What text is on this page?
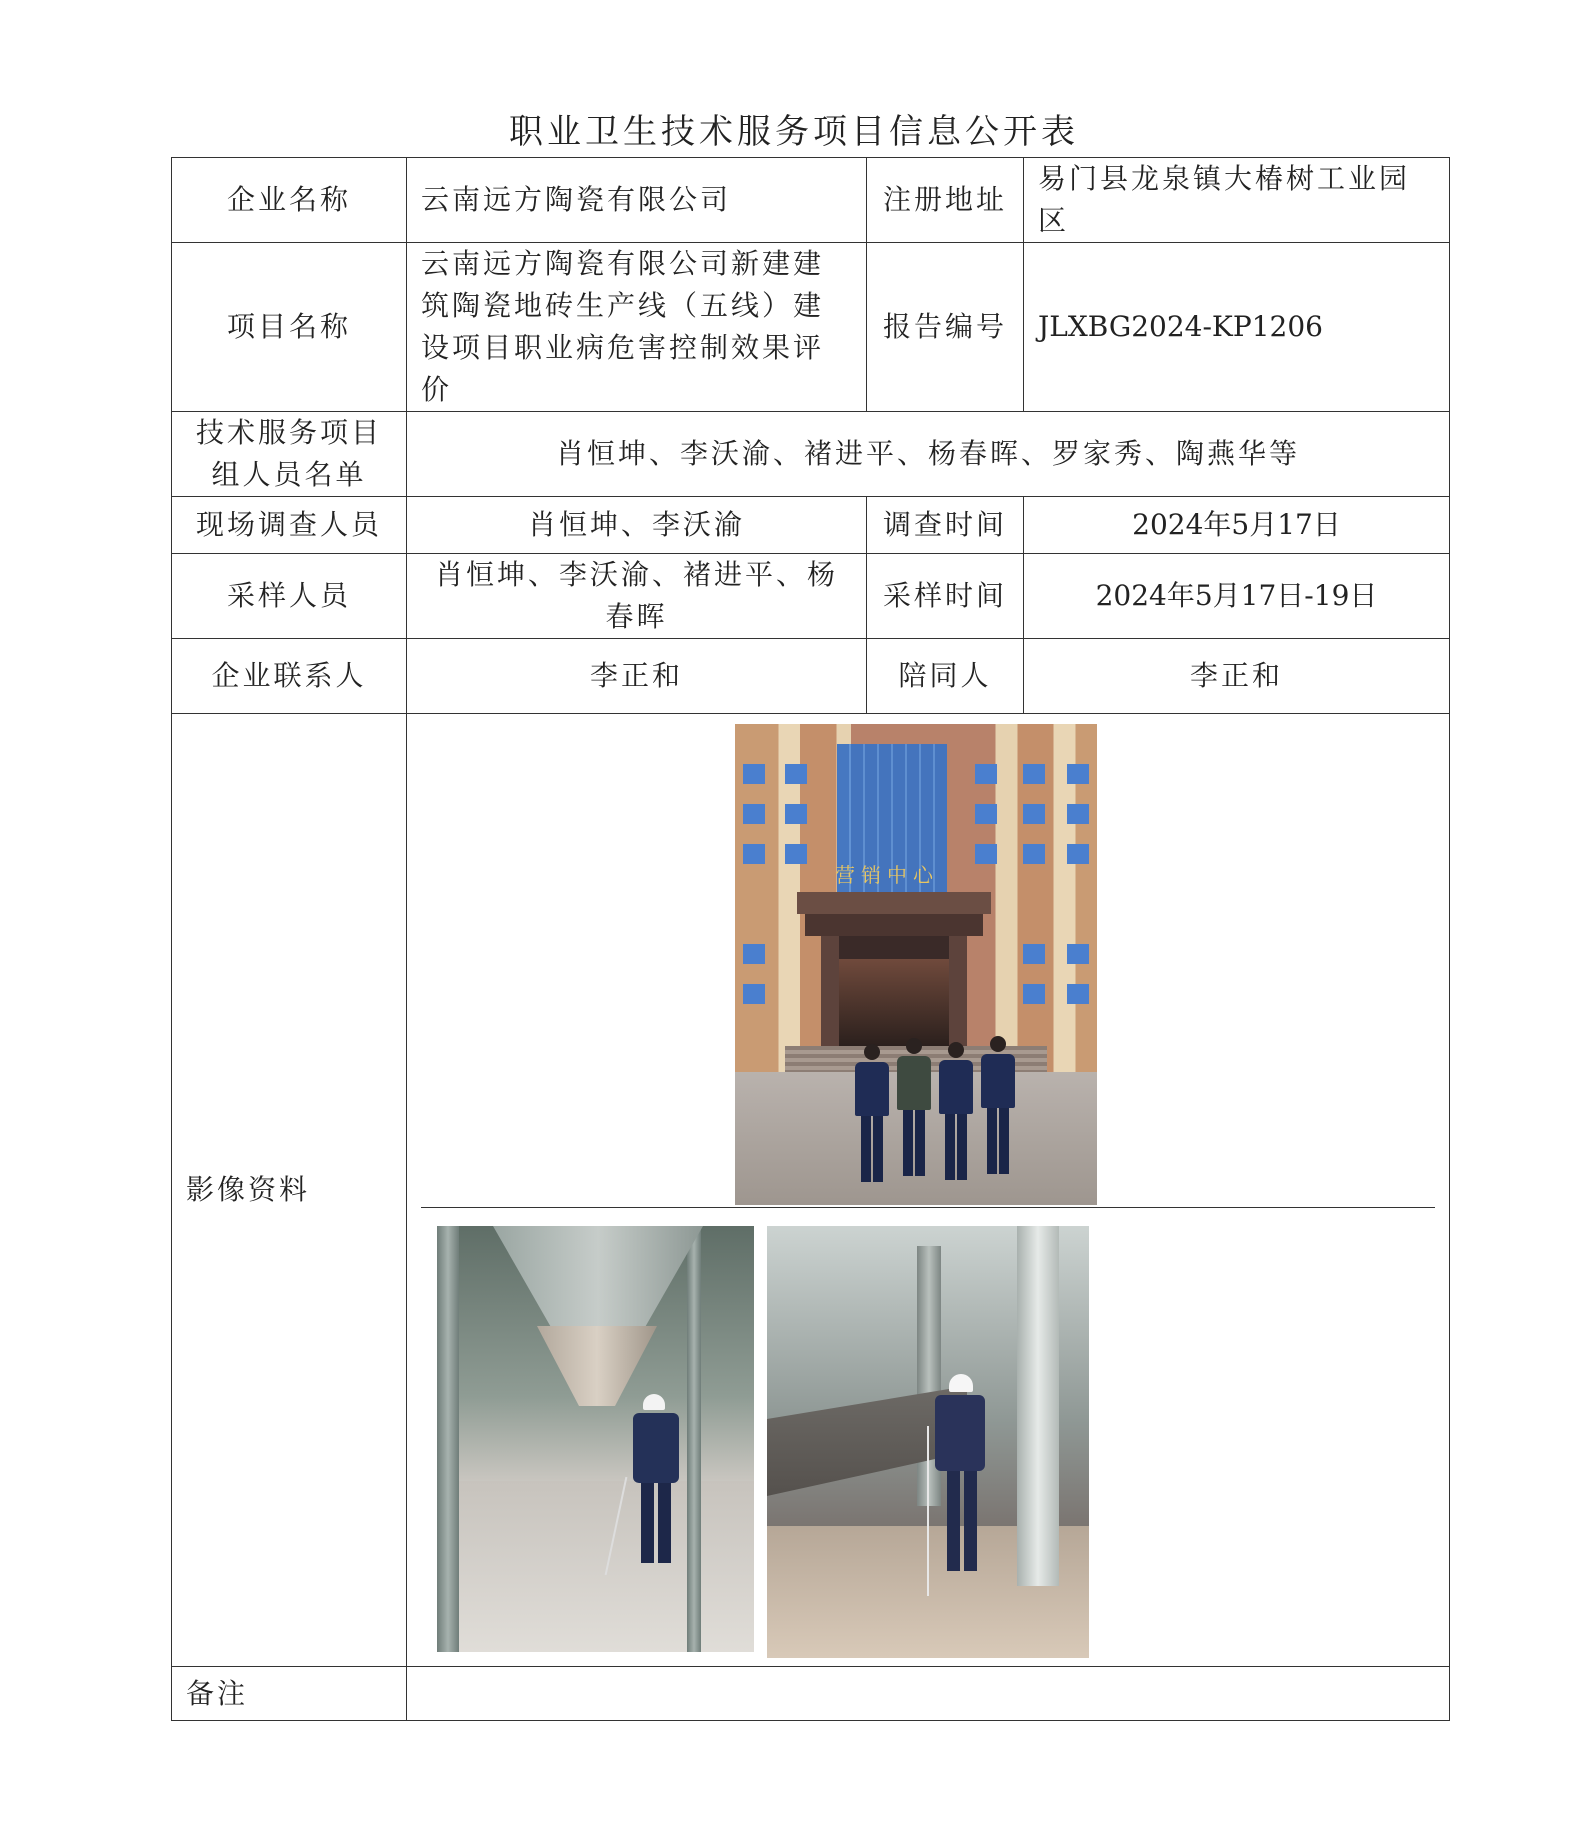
职业卫生技术服务项目信息公开表
企业名称	云南远方陶瓷有限公司	注册地址	易门县龙泉镇大椿树工业园区
项目名称	云南远方陶瓷有限公司新建建筑陶瓷地砖生产线（五线）建设项目职业病危害控制效果评价	报告编号	JLXBG2024-KP1206
技术服务项目组人员名单	肖恒坤、李沃渝、褚进平、杨春晖、罗家秀、陶燕华等		
现场调查人员	肖恒坤、李沃渝	调查时间	2024年5月17日
采样人员	肖恒坤、李沃渝、褚进平、杨春晖	采样时间	2024年5月17日-19日
企业联系人	李正和	陪同人	李正和
影像资料	营销中心		

备注			
